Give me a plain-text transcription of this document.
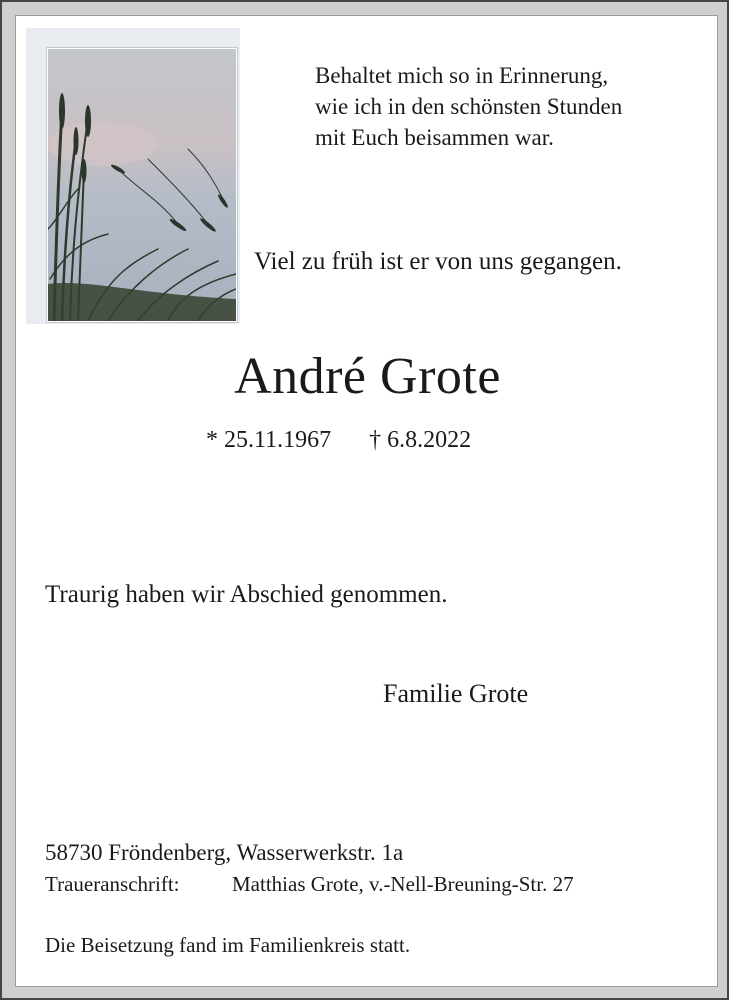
Behaltet mich so in Erinnerung,
wie ich in den schönsten Stunden
mit Euch beisammen war.
Viel zu früh ist er von uns gegangen.
André Grote
* 25.11.1967 † 6.8.2022
Traurig haben wir Abschied genommen.
Familie Grote
58730 Fröndenberg, Wasserwerkstr. 1a
Traueranschrift: Matthias Grote, v.-Nell-Breuning-Str. 27
Die Beisetzung fand im Familienkreis statt.
